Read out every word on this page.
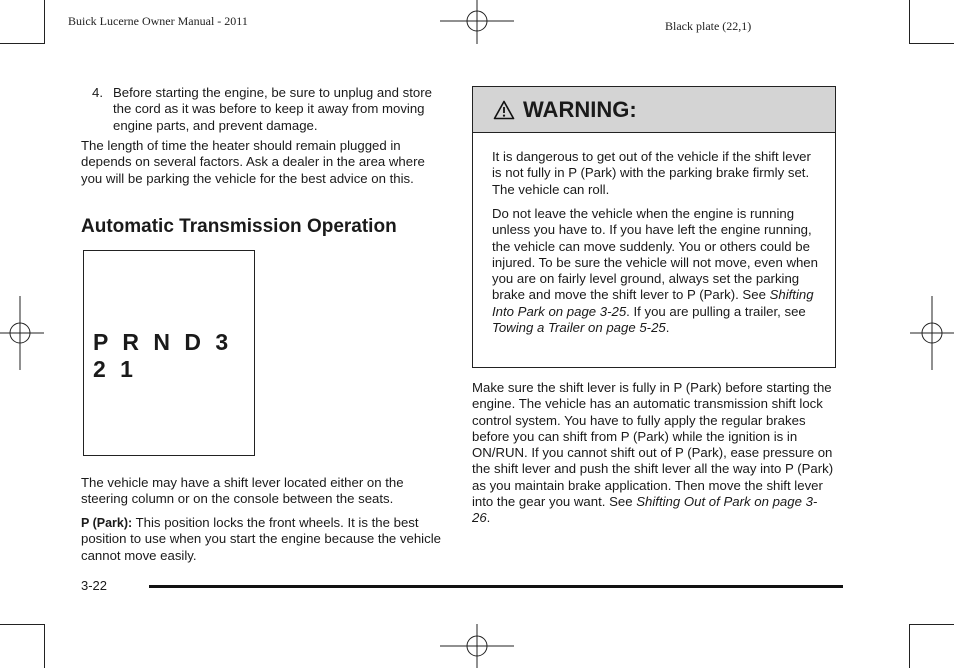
Buick Lucerne Owner Manual - 2011	Black plate (22,1)
4. Before starting the engine, be sure to unplug and store the cord as it was before to keep it away from moving engine parts, and prevent damage.

The length of time the heater should remain plugged in depends on several factors. Ask a dealer in the area where you will be parking the vehicle for the best advice on this.

Automatic Transmission Operation
P R N D 3 2 1

The vehicle may have a shift lever located either on the steering column or on the console between the seats.

P (Park): This position locks the front wheels. It is the best position to use when you start the engine because the vehicle cannot move easily.

WARNING:

It is dangerous to get out of the vehicle if the shift lever is not fully in P (Park) with the parking brake firmly set. The vehicle can roll.

Do not leave the vehicle when the engine is running unless you have to. If you have left the engine running, the vehicle can move suddenly. You or others could be injured. To be sure the vehicle will not move, even when you are on fairly level ground, always set the parking brake and move the shift lever to P (Park). See Shifting Into Park on page 3-25. If you are pulling a trailer, see Towing a Trailer on page 5-25.

Make sure the shift lever is fully in P (Park) before starting the engine. The vehicle has an automatic transmission shift lock control system. You have to fully apply the regular brakes before you can shift from P (Park) while the ignition is in ON/RUN. If you cannot shift out of P (Park), ease pressure on the shift lever and push the shift lever all the way into P (Park) as you maintain brake application. Then move the shift lever into the gear you want. See Shifting Out of Park on page 3-26.

3-22
